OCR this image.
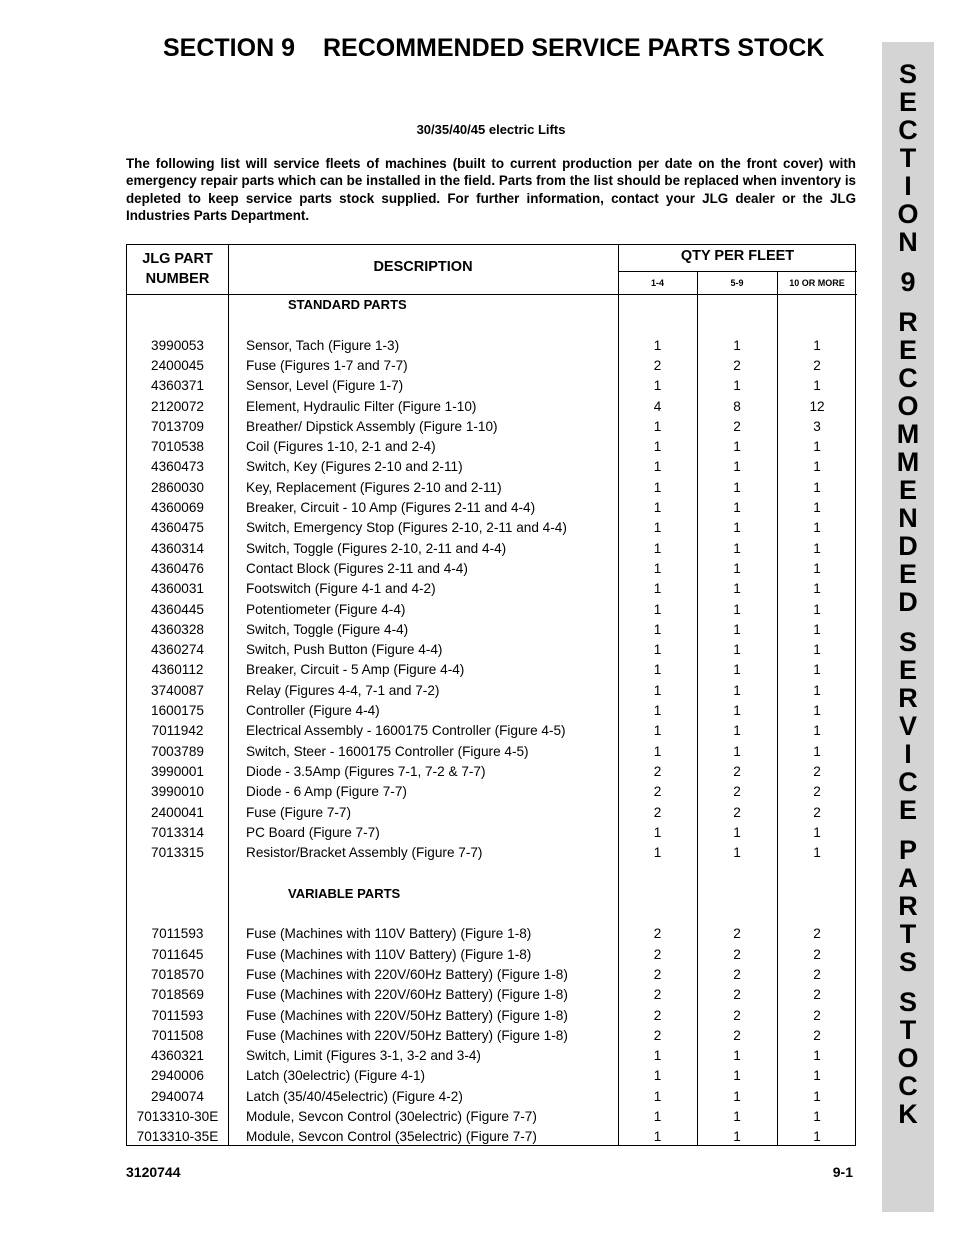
SECTION 9 RECOMMENDED SERVICE PARTS STOCK
S
E
C
T
I
O
N
9
R
E
C
O
M
M
E
N
D
E
D
S
E
R
V
I
C
E
P
A
R
T
S
S
T
O
C
K
30/35/40/45 electric Lifts
The following list will service fleets of machines (built to current production per date on the front cover) with emergency repair parts which can be installed in the field. Parts from the list should be replaced when inventory is depleted to keep service parts stock supplied. For further information, contact your JLG dealer or the JLG Industries Parts Department.
JLG PART
NUMBER
DESCRIPTION
QTY PER FLEET
1-4	5-9	10 OR MORE
STANDARD PARTS
3990053	Sensor, Tach (Figure 1-3)	1	1	1
2400045	Fuse (Figures 1-7 and 7-7)	2	2	2
4360371	Sensor, Level (Figure 1-7)	1	1	1
2120072	Element, Hydraulic Filter (Figure 1-10)	4	8	12
7013709	Breather/ Dipstick Assembly (Figure 1-10)	1	2	3
7010538	Coil (Figures 1-10, 2-1 and 2-4)	1	1	1
4360473	Switch, Key (Figures 2-10 and 2-11)	1	1	1
2860030	Key, Replacement (Figures 2-10 and 2-11)	1	1	1
4360069	Breaker, Circuit - 10 Amp (Figures 2-11 and 4-4)	1	1	1
4360475	Switch, Emergency Stop (Figures 2-10, 2-11 and 4-4)	1	1	1
4360314	Switch, Toggle (Figures 2-10, 2-11 and 4-4)	1	1	1
4360476	Contact Block (Figures 2-11 and 4-4)	1	1	1
4360031	Footswitch (Figure 4-1 and 4-2)	1	1	1
4360445	Potentiometer (Figure 4-4)	1	1	1
4360328	Switch, Toggle (Figure 4-4)	1	1	1
4360274	Switch, Push Button (Figure 4-4)	1	1	1
4360112	Breaker, Circuit - 5 Amp (Figure 4-4)	1	1	1
3740087	Relay (Figures 4-4, 7-1 and 7-2)	1	1	1
1600175	Controller (Figure 4-4)	1	1	1
7011942	Electrical Assembly - 1600175 Controller (Figure 4-5)	1	1	1
7003789	Switch, Steer - 1600175 Controller (Figure 4-5)	1	1	1
3990001	Diode - 3.5Amp (Figures 7-1, 7-2 & 7-7)	2	2	2
3990010	Diode - 6 Amp (Figure 7-7)	2	2	2
2400041	Fuse (Figure 7-7)	2	2	2
7013314	PC Board (Figure 7-7)	1	1	1
7013315	Resistor/Bracket Assembly (Figure 7-7)	1	1	1
VARIABLE PARTS
7011593	Fuse (Machines with 110V Battery) (Figure 1-8)	2	2	2
7011645	Fuse (Machines with 110V Battery) (Figure 1-8)	2	2	2
7018570	Fuse (Machines with 220V/60Hz Battery) (Figure 1-8)	2	2	2
7018569	Fuse (Machines with 220V/60Hz Battery) (Figure 1-8)	2	2	2
7011593	Fuse (Machines with 220V/50Hz Battery) (Figure 1-8)	2	2	2
7011508	Fuse (Machines with 220V/50Hz Battery) (Figure 1-8)	2	2	2
4360321	Switch, Limit (Figures 3-1, 3-2 and 3-4)	1	1	1
2940006	Latch (30electric) (Figure 4-1)	1	1	1
2940074	Latch (35/40/45electric) (Figure 4-2)	1	1	1
7013310-30E	Module, Sevcon Control (30electric) (Figure 7-7)	1	1	1
7013310-35E	Module, Sevcon Control (35electric) (Figure 7-7)	1	1	1
3120744	9-1
